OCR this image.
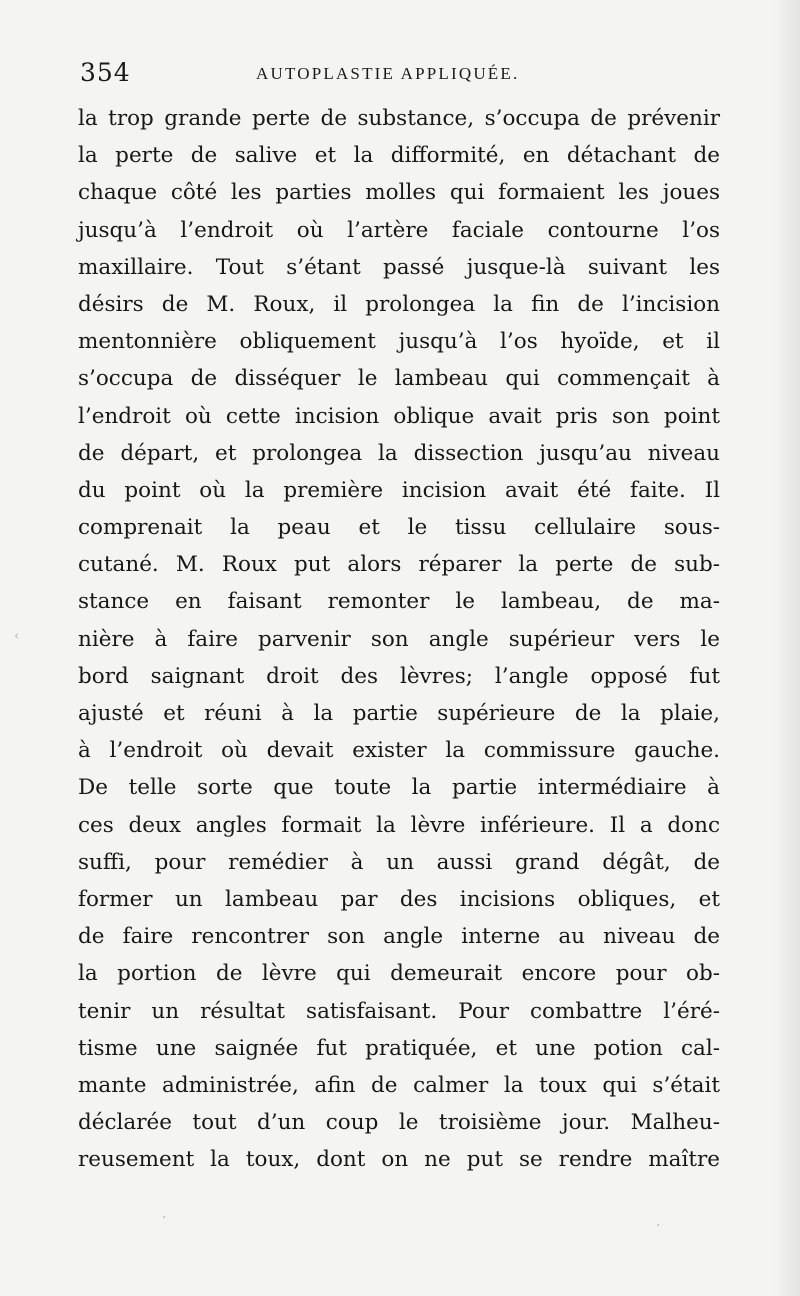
354	AUTOPLASTIE APPLIQUÉE.
la trop grande perte de substance, s’occupa de prévenir
la perte de salive et la difformité, en détachant de
chaque côté les parties molles qui formaient les joues
jusqu’à l’endroit où l’artère faciale contourne l’os
maxillaire. Tout s’étant passé jusque-là suivant les
désirs de M. Roux, il prolongea la fin de l’incision
mentonnière obliquement jusqu’à l’os hyoïde, et il
s’occupa de disséquer le lambeau qui commençait à
l’endroit où cette incision oblique avait pris son point
de départ, et prolongea la dissection jusqu’au niveau
du point où la première incision avait été faite. Il
comprenait la peau et le tissu cellulaire sous-
cutané. M. Roux put alors réparer la perte de sub-
stance en faisant remonter le lambeau, de ma-
nière à faire parvenir son angle supérieur vers le
bord saignant droit des lèvres; l’angle opposé fut
ajusté et réuni à la partie supérieure de la plaie,
à l’endroit où devait exister la commissure gauche.
De telle sorte que toute la partie intermédiaire à
ces deux angles formait la lèvre inférieure. Il a donc
suffi, pour remédier à un aussi grand dégât, de
former un lambeau par des incisions obliques, et
de faire rencontrer son angle interne au niveau de
la portion de lèvre qui demeurait encore pour ob-
tenir un résultat satisfaisant. Pour combattre l’éré-
tisme une saignée fut pratiquée, et une potion cal-
mante administrée, afin de calmer la toux qui s’était
déclarée tout d’un coup le troisième jour. Malheu-
reusement la toux, dont on ne put se rendre maître
‹
·	·
